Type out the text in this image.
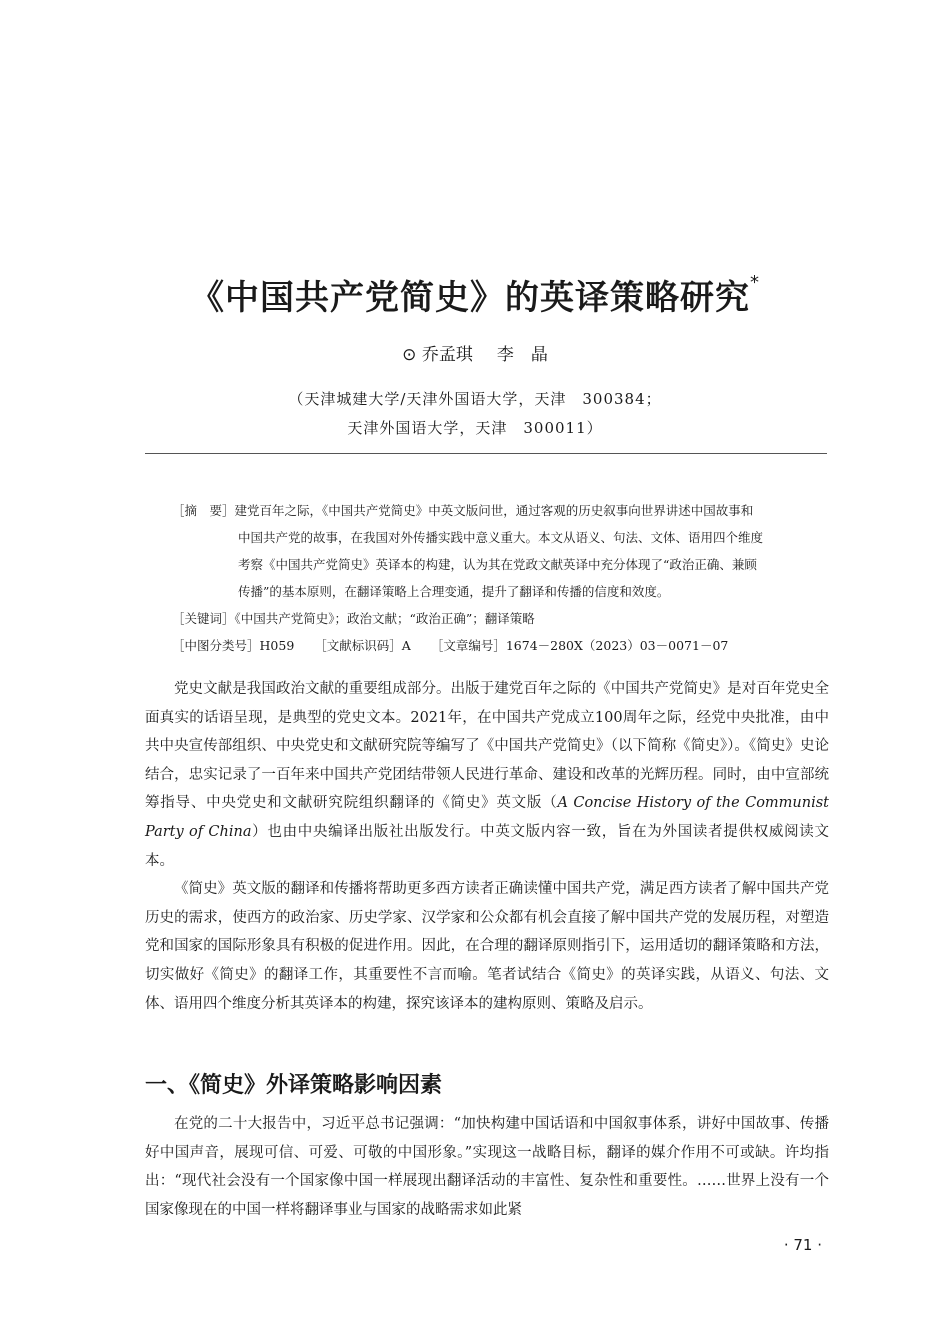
《中国共产党简史》的英译策略研究*
⊙ 乔孟琪 李　晶
（天津城建大学/天津外国语大学，天津　300384；
天津外国语大学，天津　300011）
［摘　要］建党百年之际，《中国共产党简史》中英文版问世，通过客观的历史叙事向世界讲述中国故事和
中国共产党的故事，在我国对外传播实践中意义重大。本文从语义、句法、文体、语用四个维度
考察《中国共产党简史》英译本的构建，认为其在党政文献英译中充分体现了“政治正确、兼顾
传播”的基本原则，在翻译策略上合理变通，提升了翻译和传播的信度和效度。
［关键词］《中国共产党简史》；政治文献；“政治正确”；翻译策略
［中图分类号］H059 ［文献标识码］A ［文章编号］1674－280X（2023）03－0071－07

党史文献是我国政治文献的重要组成部分。出版于建党百年之际的《中国共产党简史》是对百年党史全面真实的话语呈现，是典型的党史文本。2021年，在中国共产党成立100周年之际，经党中央批准，由中共中央宣传部组织、中央党史和文献研究院等编写了《中国共产党简史》（以下简称《简史》）。《简史》史论结合，忠实记录了一百年来中国共产党团结带领人民进行革命、建设和改革的光辉历程。同时，由中宣部统筹指导、中央党史和文献研究院组织翻译的《简史》英文版（A Concise History of the Communist Party of China）也由中央编译出版社出版发行。中英文版内容一致，旨在为外国读者提供权威阅读文本。

《简史》英文版的翻译和传播将帮助更多西方读者正确读懂中国共产党，满足西方读者了解中国共产党历史的需求，使西方的政治家、历史学家、汉学家和公众都有机会直接了解中国共产党的发展历程，对塑造党和国家的国际形象具有积极的促进作用。因此，在合理的翻译原则指引下，运用适切的翻译策略和方法，切实做好《简史》的翻译工作，其重要性不言而喻。笔者试结合《简史》的英译实践，从语义、句法、文体、语用四个维度分析其英译本的构建，探究该译本的建构原则、策略及启示。

一、《简史》外译策略影响因素

在党的二十大报告中，习近平总书记强调：“加快构建中国话语和中国叙事体系，讲好中国故事、传播好中国声音，展现可信、可爱、可敬的中国形象。”实现这一战略目标，翻译的媒介作用不可或缺。许均指出：“现代社会没有一个国家像中国一样展现出翻译活动的丰富性、复杂性和重要性。……世界上没有一个国家像现在的中国一样将翻译事业与国家的战略需求如此紧

· 71 ·
